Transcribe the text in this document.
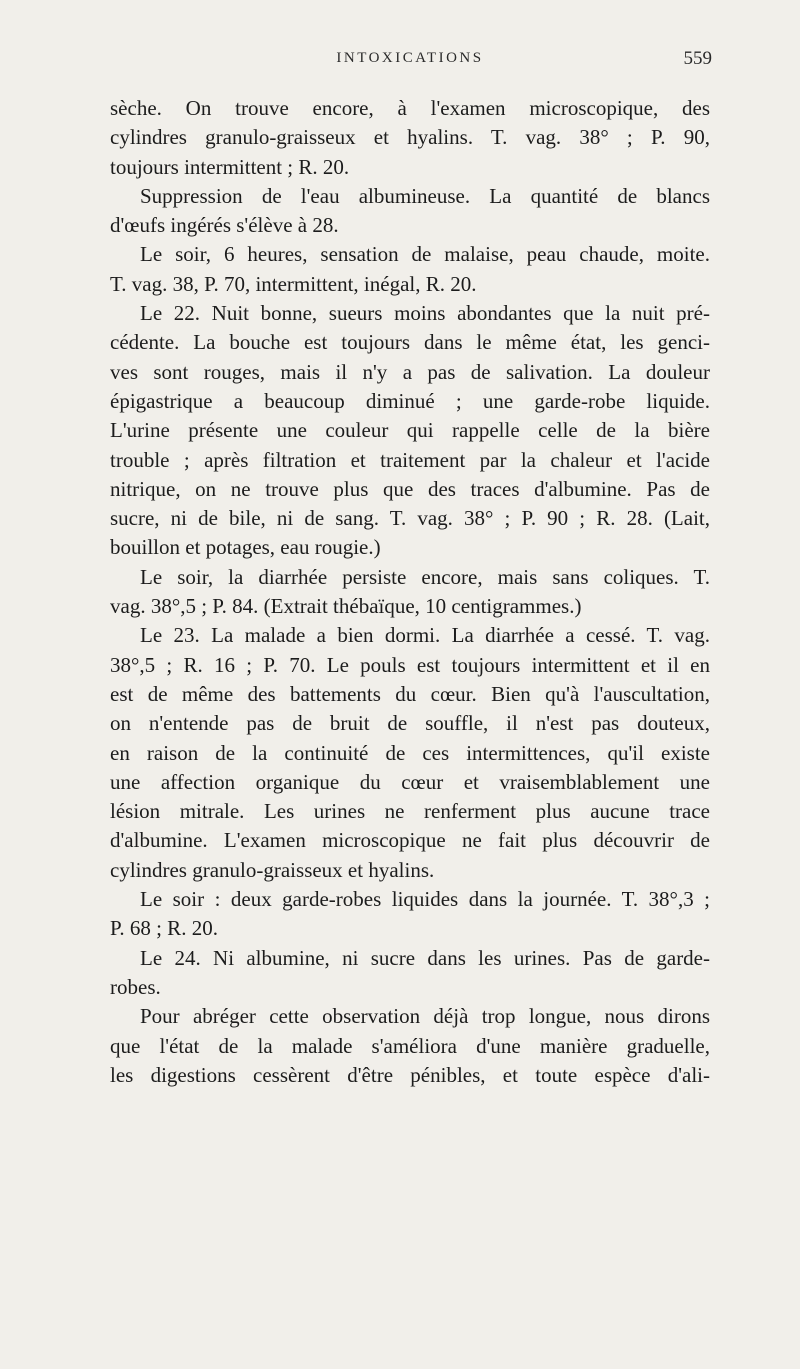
INTOXICATIONS	559
sèche. On trouve encore, à l'examen microscopique, des
cylindres granulo-graisseux et hyalins. T. vag. 38° ; P. 90,
toujours intermittent ; R. 20.
Suppression de l'eau albumineuse. La quantité de blancs
d'œufs ingérés s'élève à 28.
Le soir, 6 heures, sensation de malaise, peau chaude, moite.
T. vag. 38, P. 70, intermittent, inégal, R. 20.
Le 22. Nuit bonne, sueurs moins abondantes que la nuit pré-
cédente. La bouche est toujours dans le même état, les genci-
ves sont rouges, mais il n'y a pas de salivation. La douleur
épigastrique a beaucoup diminué ; une garde-robe liquide.
L'urine présente une couleur qui rappelle celle de la bière
trouble ; après filtration et traitement par la chaleur et l'acide
nitrique, on ne trouve plus que des traces d'albumine. Pas de
sucre, ni de bile, ni de sang. T. vag. 38° ; P. 90 ; R. 28. (Lait,
bouillon et potages, eau rougie.)
Le soir, la diarrhée persiste encore, mais sans coliques. T.
vag. 38°,5 ; P. 84. (Extrait thébaïque, 10 centigrammes.)
Le 23. La malade a bien dormi. La diarrhée a cessé. T. vag.
38°,5 ; R. 16 ; P. 70. Le pouls est toujours intermittent et il en
est de même des battements du cœur. Bien qu'à l'auscultation,
on n'entende pas de bruit de souffle, il n'est pas douteux,
en raison de la continuité de ces intermittences, qu'il existe
une affection organique du cœur et vraisemblablement une
lésion mitrale. Les urines ne renferment plus aucune trace
d'albumine. L'examen microscopique ne fait plus découvrir de
cylindres granulo-graisseux et hyalins.
Le soir : deux garde-robes liquides dans la journée. T. 38°,3 ;
P. 68 ; R. 20.
Le 24. Ni albumine, ni sucre dans les urines. Pas de garde-
robes.
Pour abréger cette observation déjà trop longue, nous dirons
que l'état de la malade s'améliora d'une manière graduelle,
les digestions cessèrent d'être pénibles, et toute espèce d'ali-
